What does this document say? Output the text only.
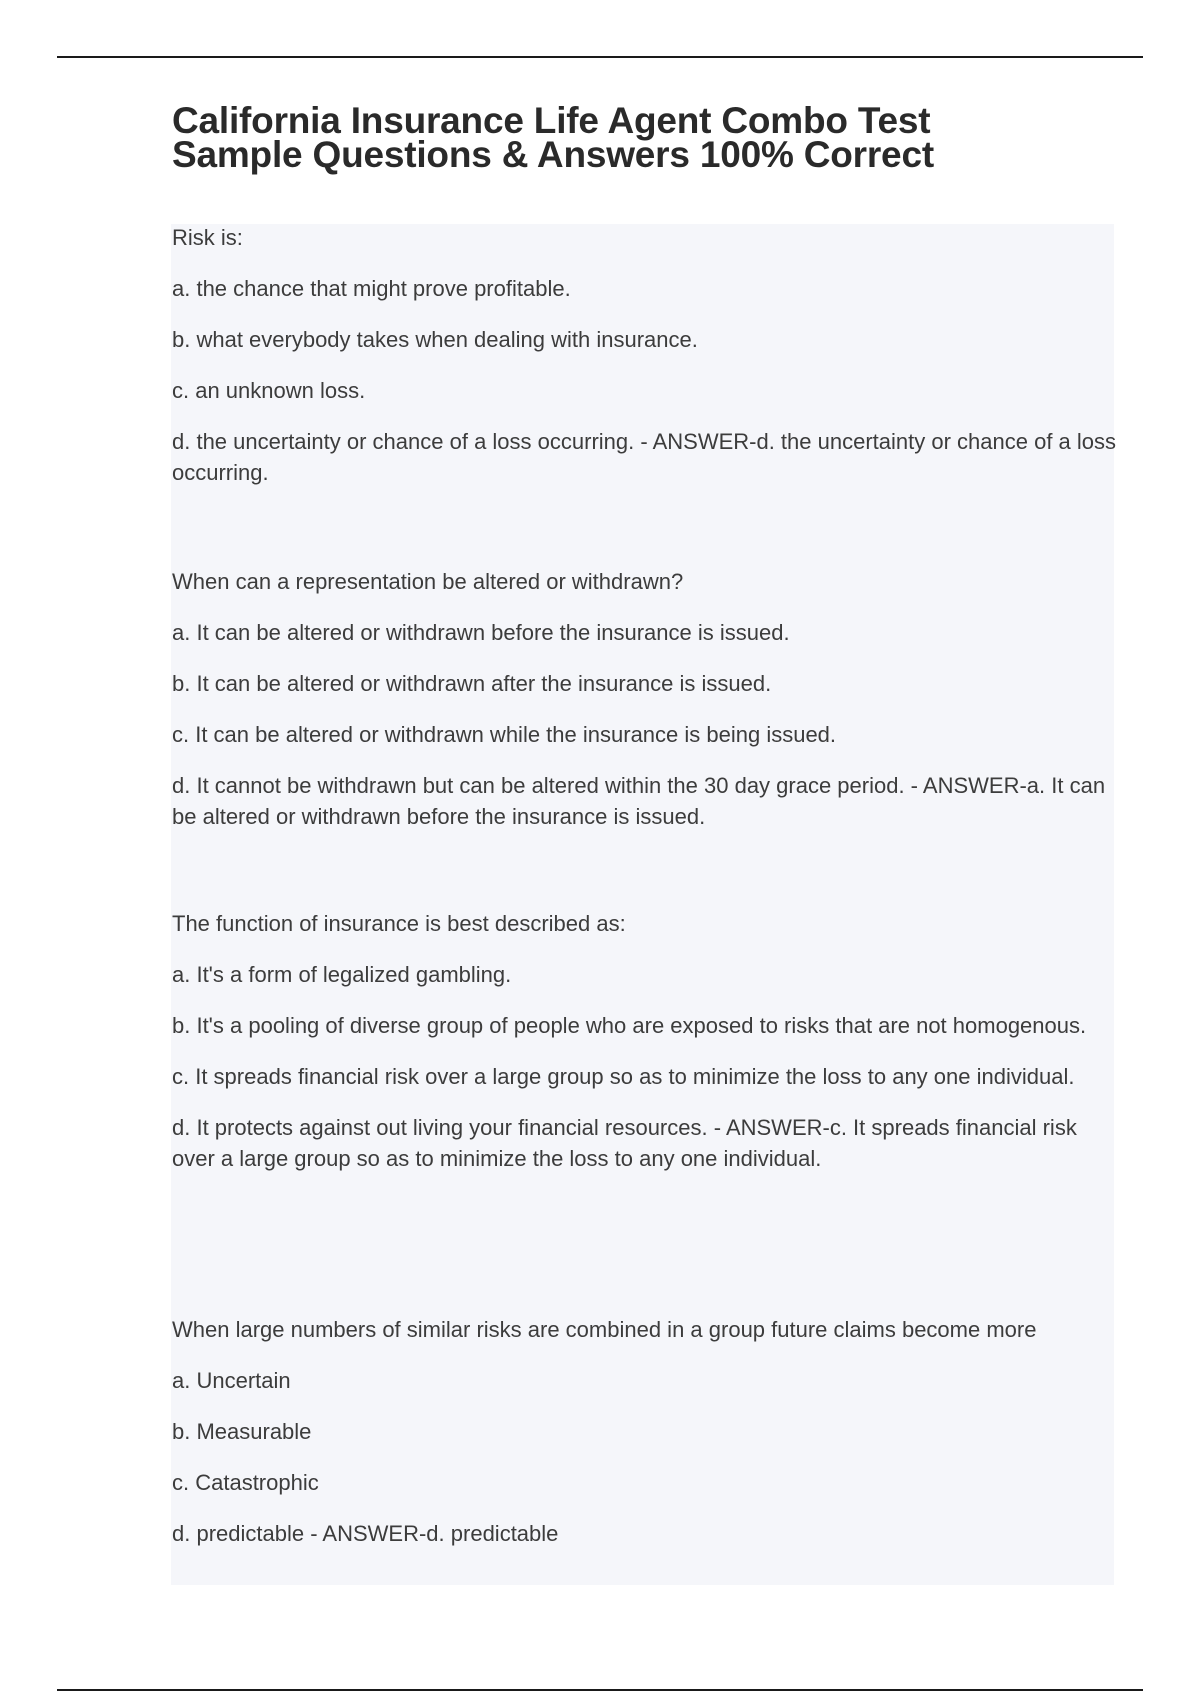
California Insurance Life Agent Combo Test Sample Questions & Answers 100% Correct

Risk is:

a. the chance that might prove profitable.

b. what everybody takes when dealing with insurance.

c. an unknown loss.

d. the uncertainty or chance of a loss occurring. - ANSWER-d. the uncertainty or chance of a loss occurring.

When can a representation be altered or withdrawn?

a. It can be altered or withdrawn before the insurance is issued.

b. It can be altered or withdrawn after the insurance is issued.

c. It can be altered or withdrawn while the insurance is being issued.

d. It cannot be withdrawn but can be altered within the 30 day grace period. - ANSWER-a. It can be altered or withdrawn before the insurance is issued.

The function of insurance is best described as:

a. It's a form of legalized gambling.

b. It's a pooling of diverse group of people who are exposed to risks that are not homogenous.

c. It spreads financial risk over a large group so as to minimize the loss to any one individual.

d. It protects against out living your financial resources. - ANSWER-c. It spreads financial risk over a large group so as to minimize the loss to any one individual.

When large numbers of similar risks are combined in a group future claims become more

a. Uncertain

b. Measurable

c. Catastrophic

d. predictable - ANSWER-d. predictable
